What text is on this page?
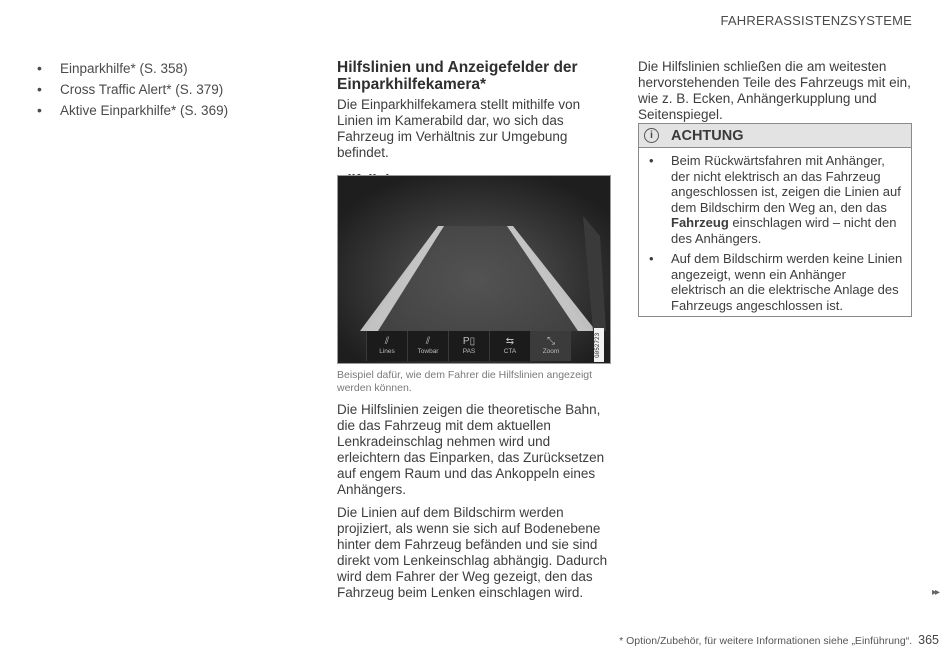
FAHRERASSISTENZSYSTEME
• Einparkhilfe* (S. 358)
• Cross Traffic Alert* (S. 379)
• Aktive Einparkhilfe* (S. 369)
Hilfslinien und Anzeigefelder der Einparkhilfekamera*

Die Einparkhilfekamera stellt mithilfe von Linien im Kamerabild dar, wo sich das Fahrzeug im Verhältnis zur Umgebung befindet.

⫽
Lines
⫽
Towbar
P▯
PAS
⇆
CTA
⤡
Zoom	G052723
Beispiel dafür, wie dem Fahrer die Hilfslinien angezeigt werden können.

Die Hilfslinien zeigen die theoretische Bahn, die das Fahrzeug mit dem aktuellen Lenkradeinschlag nehmen wird und erleichtern das Einparken, das Zurücksetzen auf engem Raum und das Ankoppeln eines Anhängers.

Die Linien auf dem Bildschirm werden projiziert, als wenn sie sich auf Bodenebene hinter dem Fahrzeug befänden und sie sind direkt vom Lenkeinschlag abhängig. Dadurch wird dem Fahrer der Weg gezeigt, den das Fahrzeug beim Lenken einschlagen wird.

Die Hilfslinien schließen die am weitesten hervorstehenden Teile des Fahrzeugs mit ein, wie z. B. Ecken, Anhängerkupplung und Seitenspiegel.

i	ACHTUNG
• Beim Rückwärtsfahren mit Anhänger, der nicht elektrisch an das Fahrzeug angeschlossen ist, zeigen die Linien auf dem Bildschirm den Weg an, den das Fahrzeug einschlagen wird – nicht den des Anhängers.
• Auf dem Bildschirm werden keine Linien angezeigt, wenn ein Anhänger elektrisch an die elektrische Anlage des Fahrzeugs angeschlossen ist.
▸▸
* Option/Zubehör, für weitere Informationen siehe „Einführung“. 365
